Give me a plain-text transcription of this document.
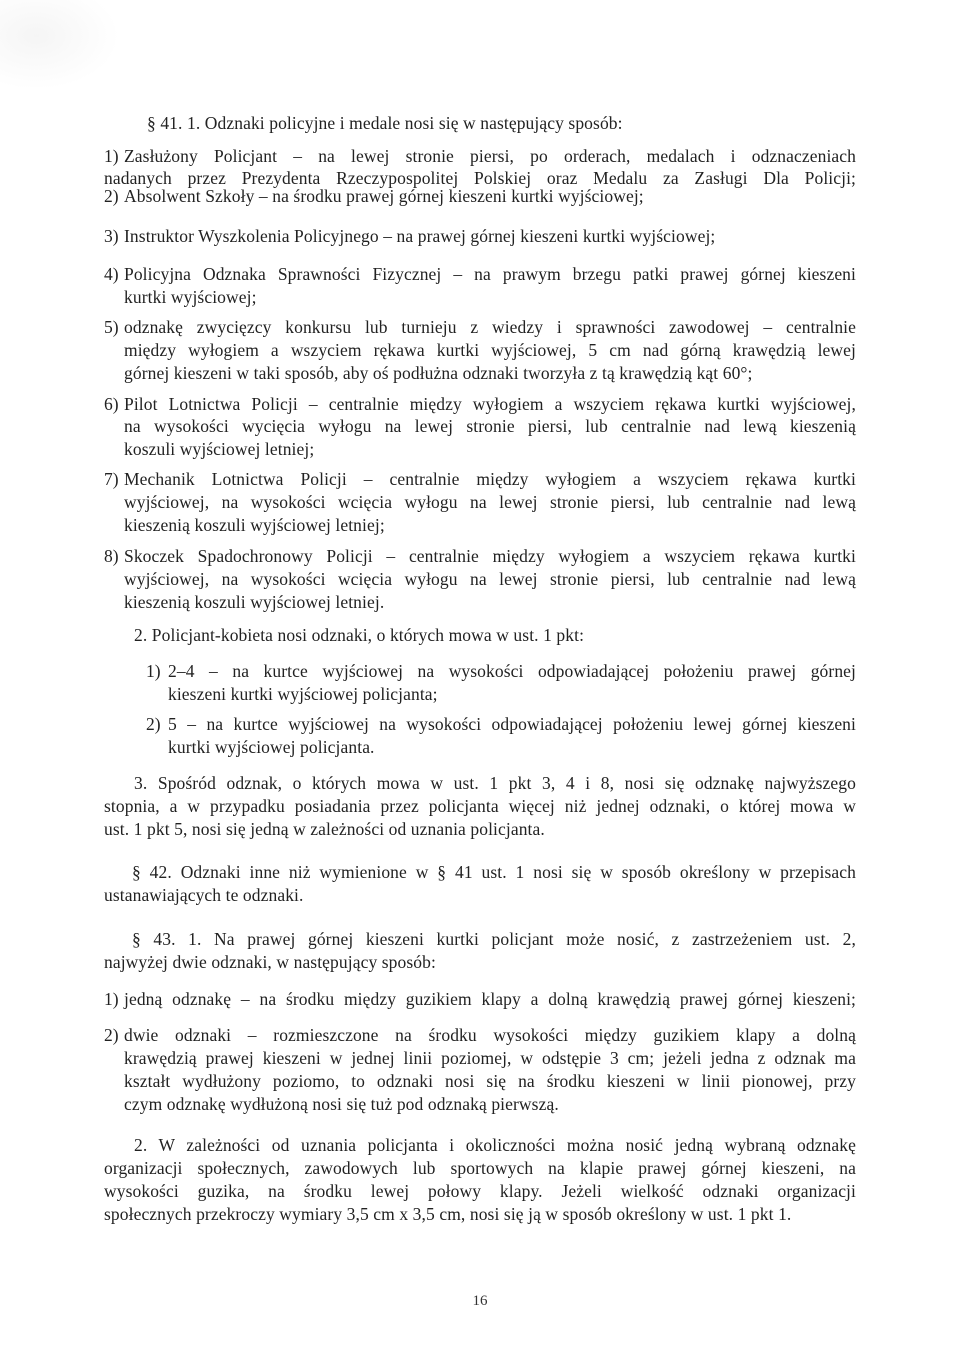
§ 41. 1. Odznaki policyjne i medale nosi się w następujący sposób:
1) Zasłużony Policjant – na lewej stronie piersi, po orderach, medalach i odznaczeniach
nadanych przez Prezydenta Rzeczypospolitej Polskiej oraz Medalu za Zasługi Dla Policji;
2) Absolwent Szkoły – na środku prawej górnej kieszeni kurtki wyjściowej;
3) Instruktor Wyszkolenia Policyjnego – na prawej górnej kieszeni kurtki wyjściowej;
4) Policyjna Odznaka Sprawności Fizycznej – na prawym brzegu patki prawej górnej kieszeni
kurtki wyjściowej;
5) odznakę zwycięzcy konkursu lub turnieju z wiedzy i sprawności zawodowej – centralnie
między wyłogiem a wszyciem rękawa kurtki wyjściowej, 5 cm nad górną krawędzią lewej
górnej kieszeni w taki sposób, aby oś podłużna odznaki tworzyła z tą krawędzią kąt 60°;
6) Pilot Lotnictwa Policji – centralnie między wyłogiem a wszyciem rękawa kurtki wyjściowej,
na wysokości wycięcia wyłogu na lewej stronie piersi, lub centralnie nad lewą kieszenią
koszuli wyjściowej letniej;
7) Mechanik Lotnictwa Policji – centralnie między wyłogiem a wszyciem rękawa kurtki
wyjściowej, na wysokości wcięcia wyłogu na lewej stronie piersi, lub centralnie nad lewą
kieszenią koszuli wyjściowej letniej;
8) Skoczek Spadochronowy Policji – centralnie między wyłogiem a wszyciem rękawa kurtki
wyjściowej, na wysokości wcięcia wyłogu na lewej stronie piersi, lub centralnie nad lewą
kieszenią koszuli wyjściowej letniej.
2. Policjant-kobieta nosi odznaki, o których mowa w ust. 1 pkt:
1) 2–4 – na kurtce wyjściowej na wysokości odpowiadającej położeniu prawej górnej
kieszeni kurtki wyjściowej policjanta;
2) 5 – na kurtce wyjściowej na wysokości odpowiadającej położeniu lewej górnej kieszeni
kurtki wyjściowej policjanta.
3. Spośród odznak, o których mowa w ust. 1 pkt 3, 4 i 8, nosi się odznakę najwyższego
stopnia, a w przypadku posiadania przez policjanta więcej niż jednej odznaki, o której mowa w
ust. 1 pkt 5, nosi się jedną w zależności od uznania policjanta.
§ 42. Odznaki inne niż wymienione w § 41 ust. 1 nosi się w sposób określony w przepisach
ustanawiających te odznaki.
§ 43. 1. Na prawej górnej kieszeni kurtki policjant może nosić, z zastrzeżeniem ust. 2,
najwyżej dwie odznaki, w następujący sposób:
1) jedną odznakę – na środku między guzikiem klapy a dolną krawędzią prawej górnej kieszeni;
2) dwie odznaki – rozmieszczone na środku wysokości między guzikiem klapy a dolną
krawędzią prawej kieszeni w jednej linii poziomej, w odstępie 3 cm; jeżeli jedna z odznak ma
kształt wydłużony poziomo, to odznaki nosi się na środku kieszeni w linii pionowej, przy
czym odznakę wydłużoną nosi się tuż pod odznaką pierwszą.
2. W zależności od uznania policjanta i okoliczności można nosić jedną wybraną odznakę
organizacji społecznych, zawodowych lub sportowych na klapie prawej górnej kieszeni, na
wysokości guzika, na środku lewej połowy klapy. Jeżeli wielkość odznaki organizacji
społecznych przekroczy wymiary 3,5 cm x 3,5 cm, nosi się ją w sposób określony w ust. 1 pkt 1.
16
